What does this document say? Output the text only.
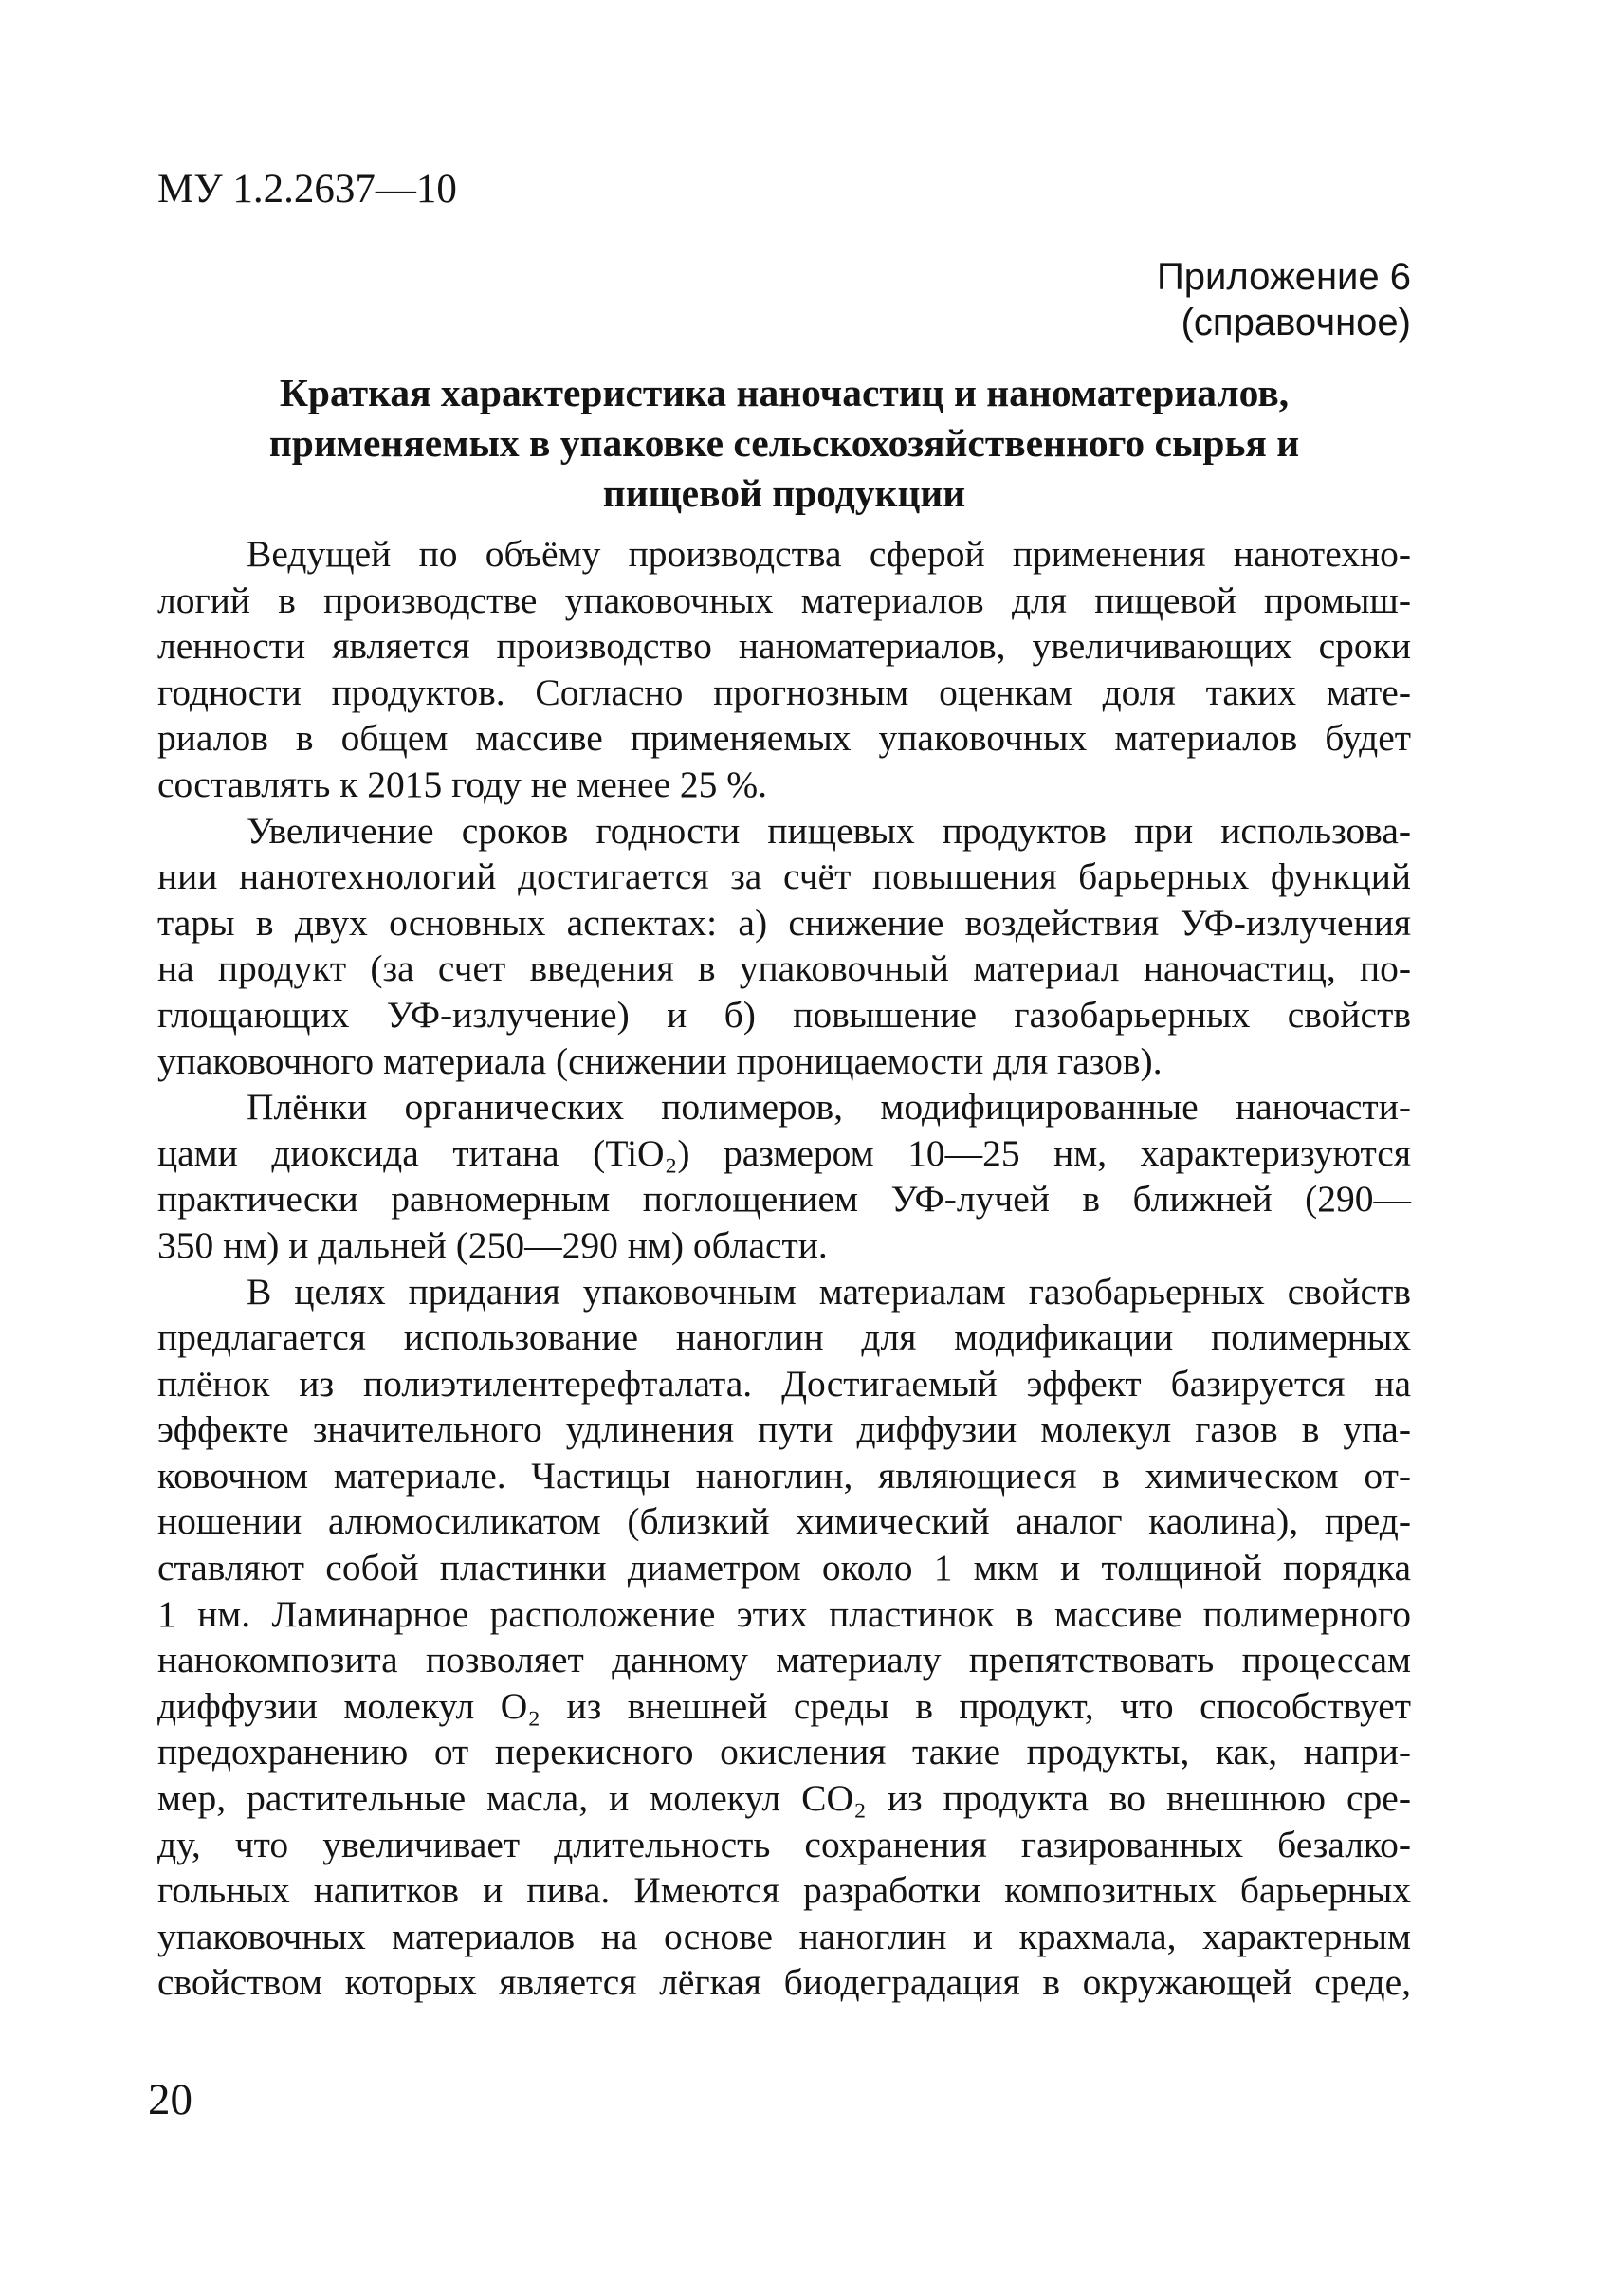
МУ 1.2.2637—10
Приложение 6
(справочное)
Краткая характеристика наночастиц и наноматериалов,
применяемых в упаковке сельскохозяйственного сырья и
пищевой продукции
Ведущей по объёму производства сферой применения нанотехно-
логий в производстве упаковочных материалов для пищевой промыш-
ленности является производство наноматериалов, увеличивающих сроки
годности продуктов. Согласно прогнозным оценкам доля таких мате-
риалов в общем массиве применяемых упаковочных материалов будет
составлять к 2015 году не менее 25 %.
Увеличение сроков годности пищевых продуктов при использова-
нии нанотехнологий достигается за счёт повышения барьерных функций
тары в двух основных аспектах: а) снижение воздействия УФ-излучения
на продукт (за счет введения в упаковочный материал наночастиц, по-
глощающих УФ-излучение) и б) повышение газобарьерных свойств
упаковочного материала (снижении проницаемости для газов).
Плёнки органических полимеров, модифицированные наночасти-
цами диоксида титана (TiO₂) размером 10—25 нм, характеризуются
практически равномерным поглощением УФ-лучей в ближней (290—
350 нм) и дальней (250—290 нм) области.
В целях придания упаковочным материалам газобарьерных свойств
предлагается использование наноглин для модификации полимерных
плёнок из полиэтилентерефталата. Достигаемый эффект базируется на
эффекте значительного удлинения пути диффузии молекул газов в упа-
ковочном материале. Частицы наноглин, являющиеся в химическом от-
ношении алюмосиликатом (близкий химический аналог каолина), пред-
ставляют собой пластинки диаметром около 1 мкм и толщиной порядка
1 нм. Ламинарное расположение этих пластинок в массиве полимерного
нанокомпозита позволяет данному материалу препятствовать процессам
диффузии молекул O₂ из внешней среды в продукт, что способствует
предохранению от перекисного окисления такие продукты, как, напри-
мер, растительные масла, и молекул CO₂ из продукта во внешнюю сре-
ду, что увеличивает длительность сохранения газированных безалко-
гольных напитков и пива. Имеются разработки композитных барьерных
упаковочных материалов на основе наноглин и крахмала, характерным
свойством которых является лёгкая биодеградация в окружающей среде,
20
